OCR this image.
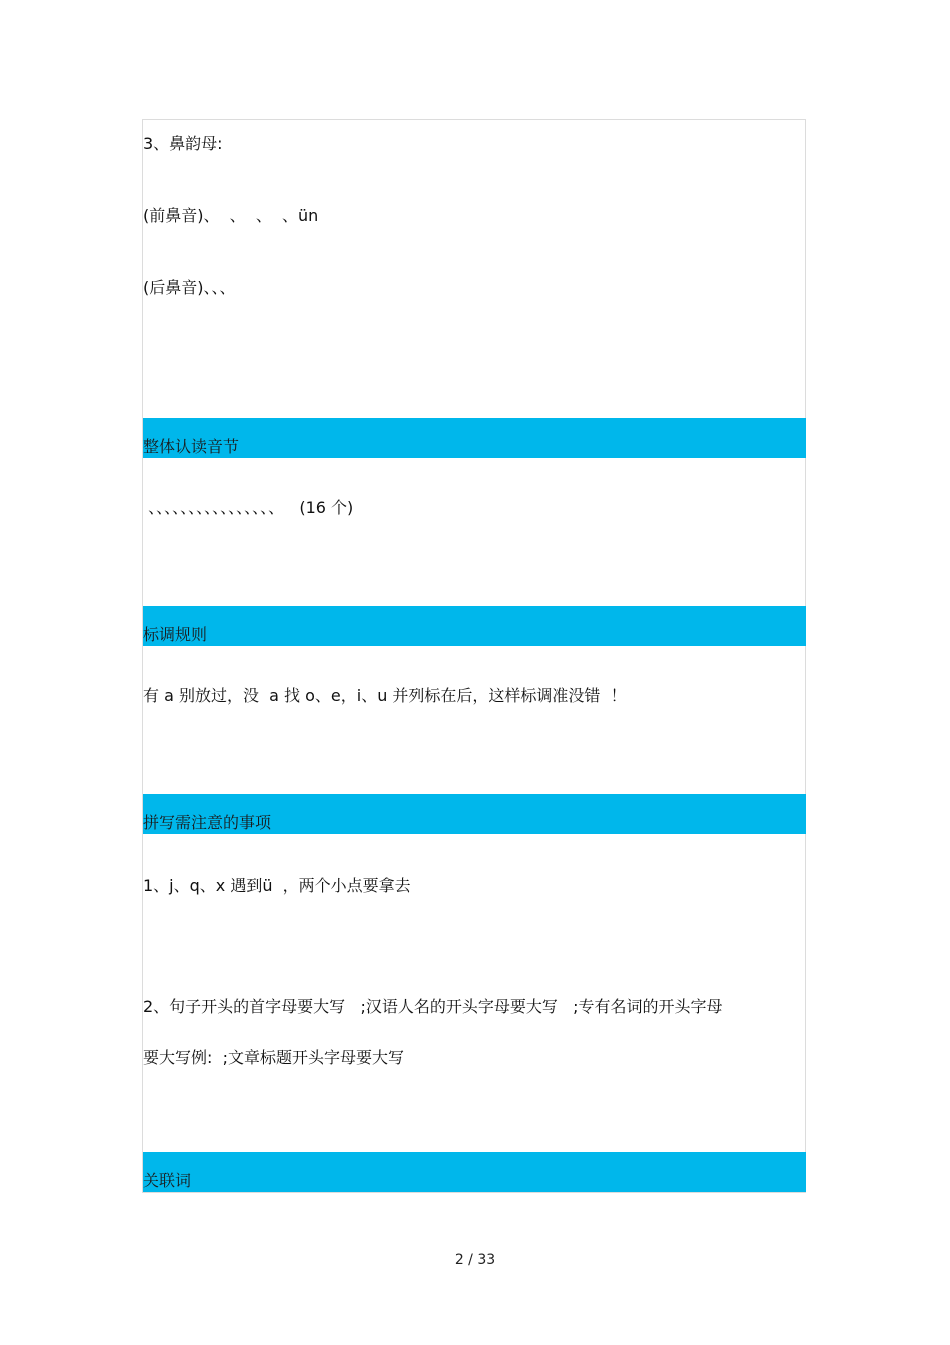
3、鼻韵母:
(前鼻音)、  、  、  、ün
(后鼻音)、、、
整体认读音节
、、、、、、、、、、、、、、、、   (16 个)
标调规则
有 a 别放过，没  a 找 o、e，i、u 并列标在后，这样标调准没错  ！
拼写需注意的事项
1、j、q、x 遇到ü  ，两个小点要拿去
2、句子开头的首字母要大写   ;汉语人名的开头字母要大写   ;专有名词的开头字母
要大写例:  ;文章标题开头字母要大写
关联词
2 / 33
